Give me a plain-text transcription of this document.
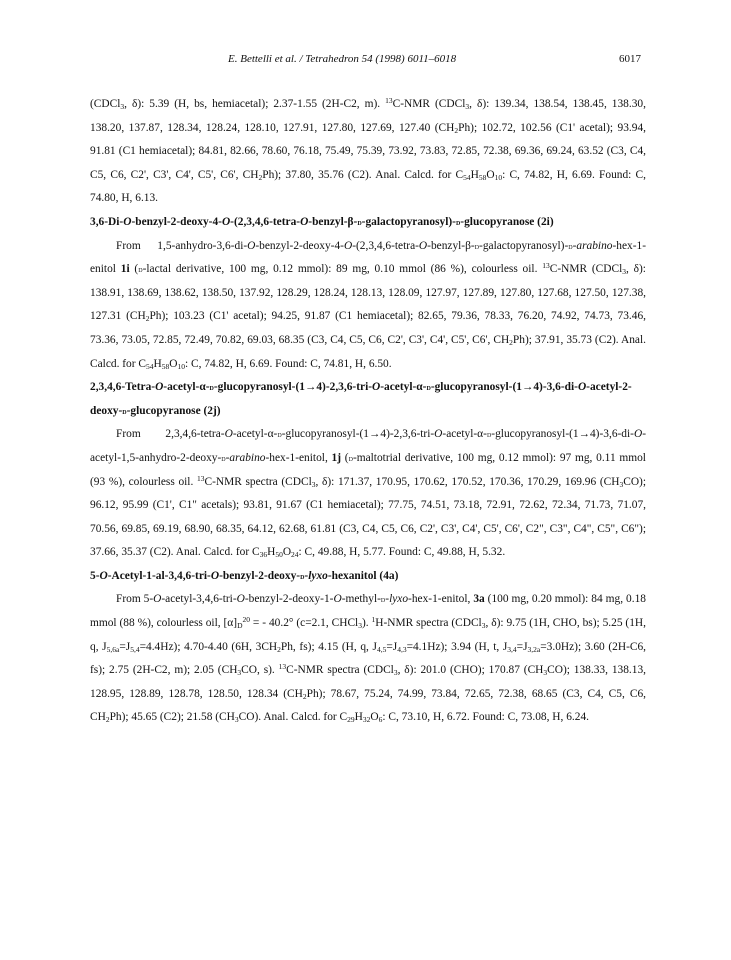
E. Bettelli et al. / Tetrahedron 54 (1998) 6011–6018	6017

(CDCl$_3$, δ): 5.39 (H, bs, hemiacetal); 2.37-1.55 (2H-C2, m). $^{13}$C-NMR (CDCl$_3$, δ): 139.34, 138.54, 138.45, 138.30, 138.20, 137.87, 128.34, 128.24, 128.10, 127.91, 127.80, 127.69, 127.40 $(CH_2Ph)$; 102.72, 102.56 (C1' acetal); 93.94, 91.81 (C1 hemiacetal); 84.81, 82.66, 78.60, 76.18, 75.49, 75.39, 73.92, 73.83, 72.85, 72.38, 69.36, 69.24, 63.52 (C3, C4, C5, C6, C2', C3', C4', C5', C6', $CH_2Ph$); 37.80, 35.76 (C2). Anal. Calcd. for $C_{54}H_{58}O_{10}$: C, 74.82, H, 6.69. Found: C, 74.80, H, 6.13.

3,6-Di-O-benzyl-2-deoxy-4-O-(2,3,4,6-tetra-O-benzyl-β-d-galactopyranosyl)-d-glucopyranose (2i)

From 1,5-anhydro-3,6-di-O-benzyl-2-deoxy-4-O-(2,3,4,6-tetra-O-benzyl-β-d-galactopyranosyl)-d-arabino-hex-1-enitol 1i (d-lactal derivative, 100 mg, 0.12 mmol): 89 mg, 0.10 mmol (86 %), colourless oil. $^{13}$C-NMR (CDCl$_3$, δ): 138.91, 138.69, 138.62, 138.50, 137.92, 128.29, 128.24, 128.13, 128.09, 127.97, 127.89, 127.80, 127.68, 127.50, 127.38, 127.31 $(CH_2Ph)$; 103.23 (C1' acetal); 94.25, 91.87 (C1 hemiacetal); 82.65, 79.36, 78.33, 76.20, 74.92, 74.73, 73.46, 73.36, 73.05, 72.85, 72.49, 70.82, 69.03, 68.35 (C3, C4, C5, C6, C2', C3', C4', C5', C6', $CH_2Ph$); 37.91, 35.73 (C2). Anal. Calcd. for $C_{54}H_{58}O_{10}$: C, 74.82, H, 6.69. Found: C, 74.81, H, 6.50.

2,3,4,6-Tetra-O-acetyl-α-d-glucopyranosyl-(1→4)-2,3,6-tri-O-acetyl-α-d-glucopyranosyl-(1→4)-3,6-di-O-acetyl-2-deoxy-d-glucopyranose (2j)

From 2,3,4,6-tetra-O-acetyl-α-d-glucopyranosyl-(1→4)-2,3,6-tri-O-acetyl-α-d-glucopyranosyl-(1→4)-3,6-di-O-acetyl-1,5-anhydro-2-deoxy-d-arabino-hex-1-enitol, 1j (d-maltotrial derivative, 100 mg, 0.12 mmol): 97 mg, 0.11 mmol (93 %), colourless oil. $^{13}$C-NMR spectra (CDCl$_3$, δ): 171.37, 170.95, 170.62, 170.52, 170.36, 170.29, 169.96 $(CH_3CO)$; 96.12, 95.99 (C1', C1" acetals); 93.81, 91.67 (C1 hemiacetal); 77.75, 74.51, 73.18, 72.91, 72.62, 72.34, 71.73, 71.07, 70.56, 69.85, 69.19, 68.90, 68.35, 64.12, 62.68, 61.81 (C3, C4, C5, C6, C2', C3', C4', C5', C6', C2", C3", C4", C5", C6"); 37.66, 35.37 (C2). Anal. Calcd. for $C_{36}H_{50}O_{24}$: C, 49.88, H, 5.77. Found: C, 49.88, H, 5.32.

5-O-Acetyl-1-al-3,4,6-tri-O-benzyl-2-deoxy-d-lyxo-hexanitol (4a)

From 5-O-acetyl-3,4,6-tri-O-benzyl-2-deoxy-1-O-methyl-d-lyxo-hex-1-enitol, 3a (100 mg, 0.20 mmol): 84 mg, 0.18 mmol (88 %), colourless oil, $[\alpha]_D^{20}$ = - 40.2° (c=2.1, CHCl$_3$). $^1$H-NMR spectra (CDCl$_3$, δ): 9.75 (1H, CHO, bs); 5.25 (1H, q, $J_{5,6a}=J_{5,4}=4.4Hz$); 4.70-4.40 (6H, $3CH_2Ph$, fs); 4.15 (H, q, $J_{4,5}=J_{4,3}=4.1Hz$); 3.94 (H, t, $J_{3,4}=J_{3,2a}=3.0Hz$); 3.60 (2H-C6, fs); 2.75 (2H-C2, m); 2.05 ($CH_3CO$, s). $^{13}$C-NMR spectra (CDCl$_3$, δ): 201.0 (CHO); 170.87 $(CH_3CO)$; 138.33, 138.13, 128.95, 128.89, 128.78, 128.50, 128.34 $(CH_2Ph)$; 78.67, 75.24, 74.99, 73.84, 72.65, 72.38, 68.65 (C3, C4, C5, C6, $CH_2Ph$); 45.65 (C2); 21.58 $(CH_3CO)$. Anal. Calcd. for $C_{29}H_{32}O_6$: C, 73.10, H, 6.72. Found: C, 73.08, H, 6.24.
